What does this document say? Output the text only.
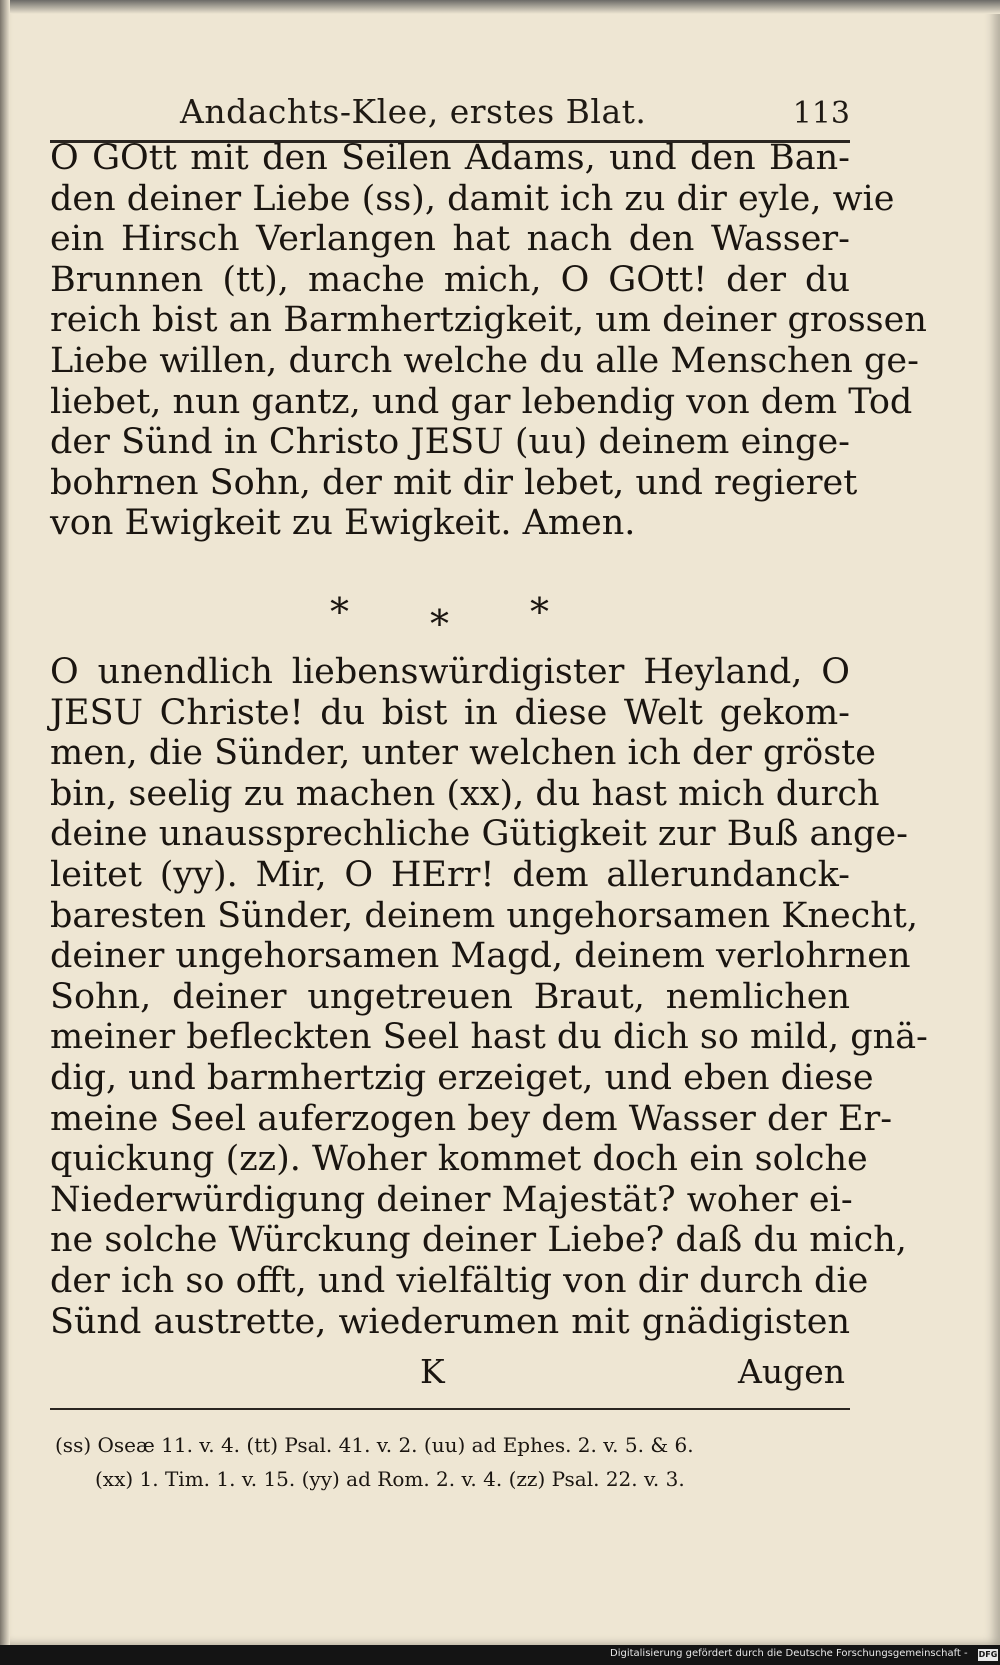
Andachts-Klee, erstes Blat.	113
O GOtt mit den Seilen Adams, und den Ban-
den deiner Liebe (ss), damit ich zu dir eyle, wie
ein Hirsch Verlangen hat nach den Wasser-
Brunnen (tt), mache mich, O GOtt! der du
reich bist an Barmhertzigkeit, um deiner grossen
Liebe willen, durch welche du alle Menschen ge-
liebet, nun gantz, und gar lebendig von dem Tod
der Sünd in Christo JESU (uu) deinem einge-
bohrnen Sohn, der mit dir lebet, und regieret
von Ewigkeit zu Ewigkeit. Amen.
* * *
O unendlich liebenswürdigister Heyland, O
JESU Christe! du bist in diese Welt gekom-
men, die Sünder, unter welchen ich der gröste
bin, seelig zu machen (xx), du hast mich durch
deine unaussprechliche Gütigkeit zur Buß ange-
leitet (yy). Mir, O HErr! dem allerundanck-
baresten Sünder, deinem ungehorsamen Knecht,
deiner ungehorsamen Magd, deinem verlohrnen
Sohn, deiner ungetreuen Braut, nemlichen
meiner befleckten Seel hast du dich so mild, gnä-
dig, und barmhertzig erzeiget, und eben diese
meine Seel auferzogen bey dem Wasser der Er-
quickung (zz). Woher kommet doch ein solche
Niederwürdigung deiner Majestät? woher ei-
ne solche Würckung deiner Liebe? daß du mich,
der ich so offt, und vielfältig von dir durch die
Sünd austrette, wiederumen mit gnädigisten
K	Augen
(ss) Oseæ 11. v. 4. (tt) Psal. 41. v. 2. (uu) ad Ephes. 2. v. 5. & 6.
(xx) 1. Tim. 1. v. 15. (yy) ad Rom. 2. v. 4. (zz) Psal. 22. v. 3.
Digitalisierung gefördert durch die Deutsche Forschungsgemeinschaft - DFG
